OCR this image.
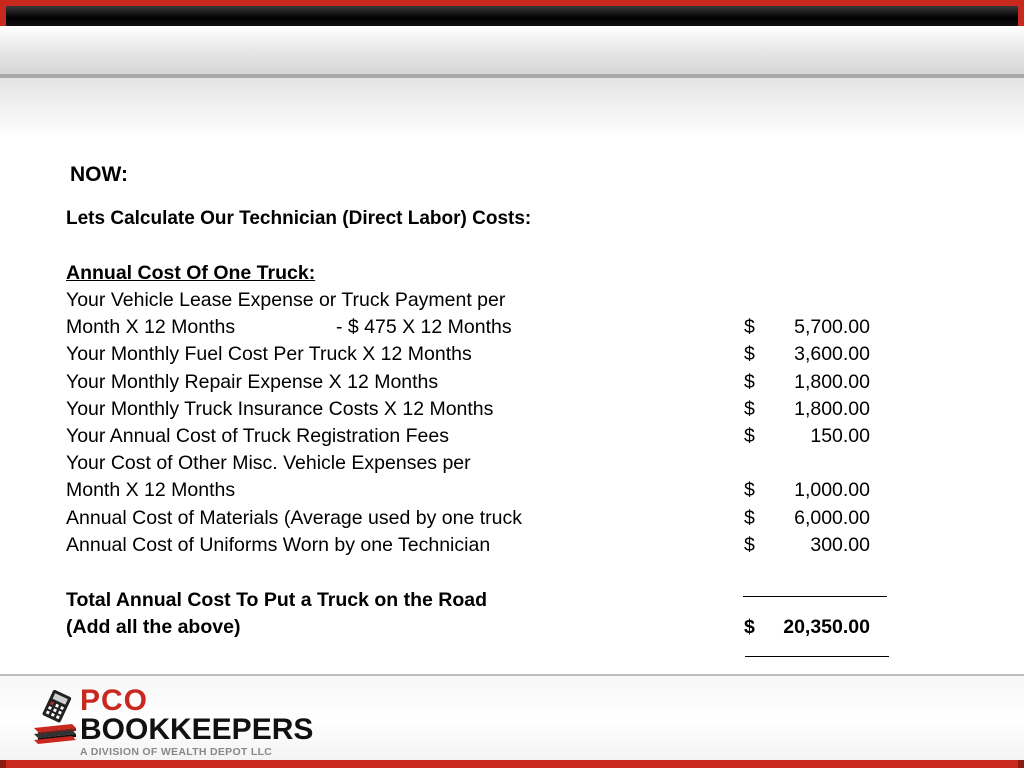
NOW:
Lets Calculate Our Technician (Direct Labor) Costs:
Annual Cost Of One Truck:
Your Vehicle Lease Expense or Truck Payment per
Month X 12 Months	- $ 475 X 12 Months	$ 5,700.00
Your Monthly Fuel Cost Per Truck X 12 Months	$ 3,600.00
Your Monthly Repair Expense X 12 Months	$ 1,800.00
Your Monthly Truck Insurance Costs X 12 Months	$ 1,800.00
Your Annual Cost of Truck Registration Fees	$	150.00
Your Cost of Other Misc. Vehicle Expenses per
Month X 12 Months	$ 1,000.00
Annual Cost of Materials (Average used by one truck	$ 6,000.00
Annual Cost of Uniforms Worn by one Technician	$	300.00
Total Annual Cost To Put a Truck on the Road
(Add all the above)	$ 20,350.00
PCO
BOOKKEEPERS
A DIVISION OF WEALTH DEPOT LLC
